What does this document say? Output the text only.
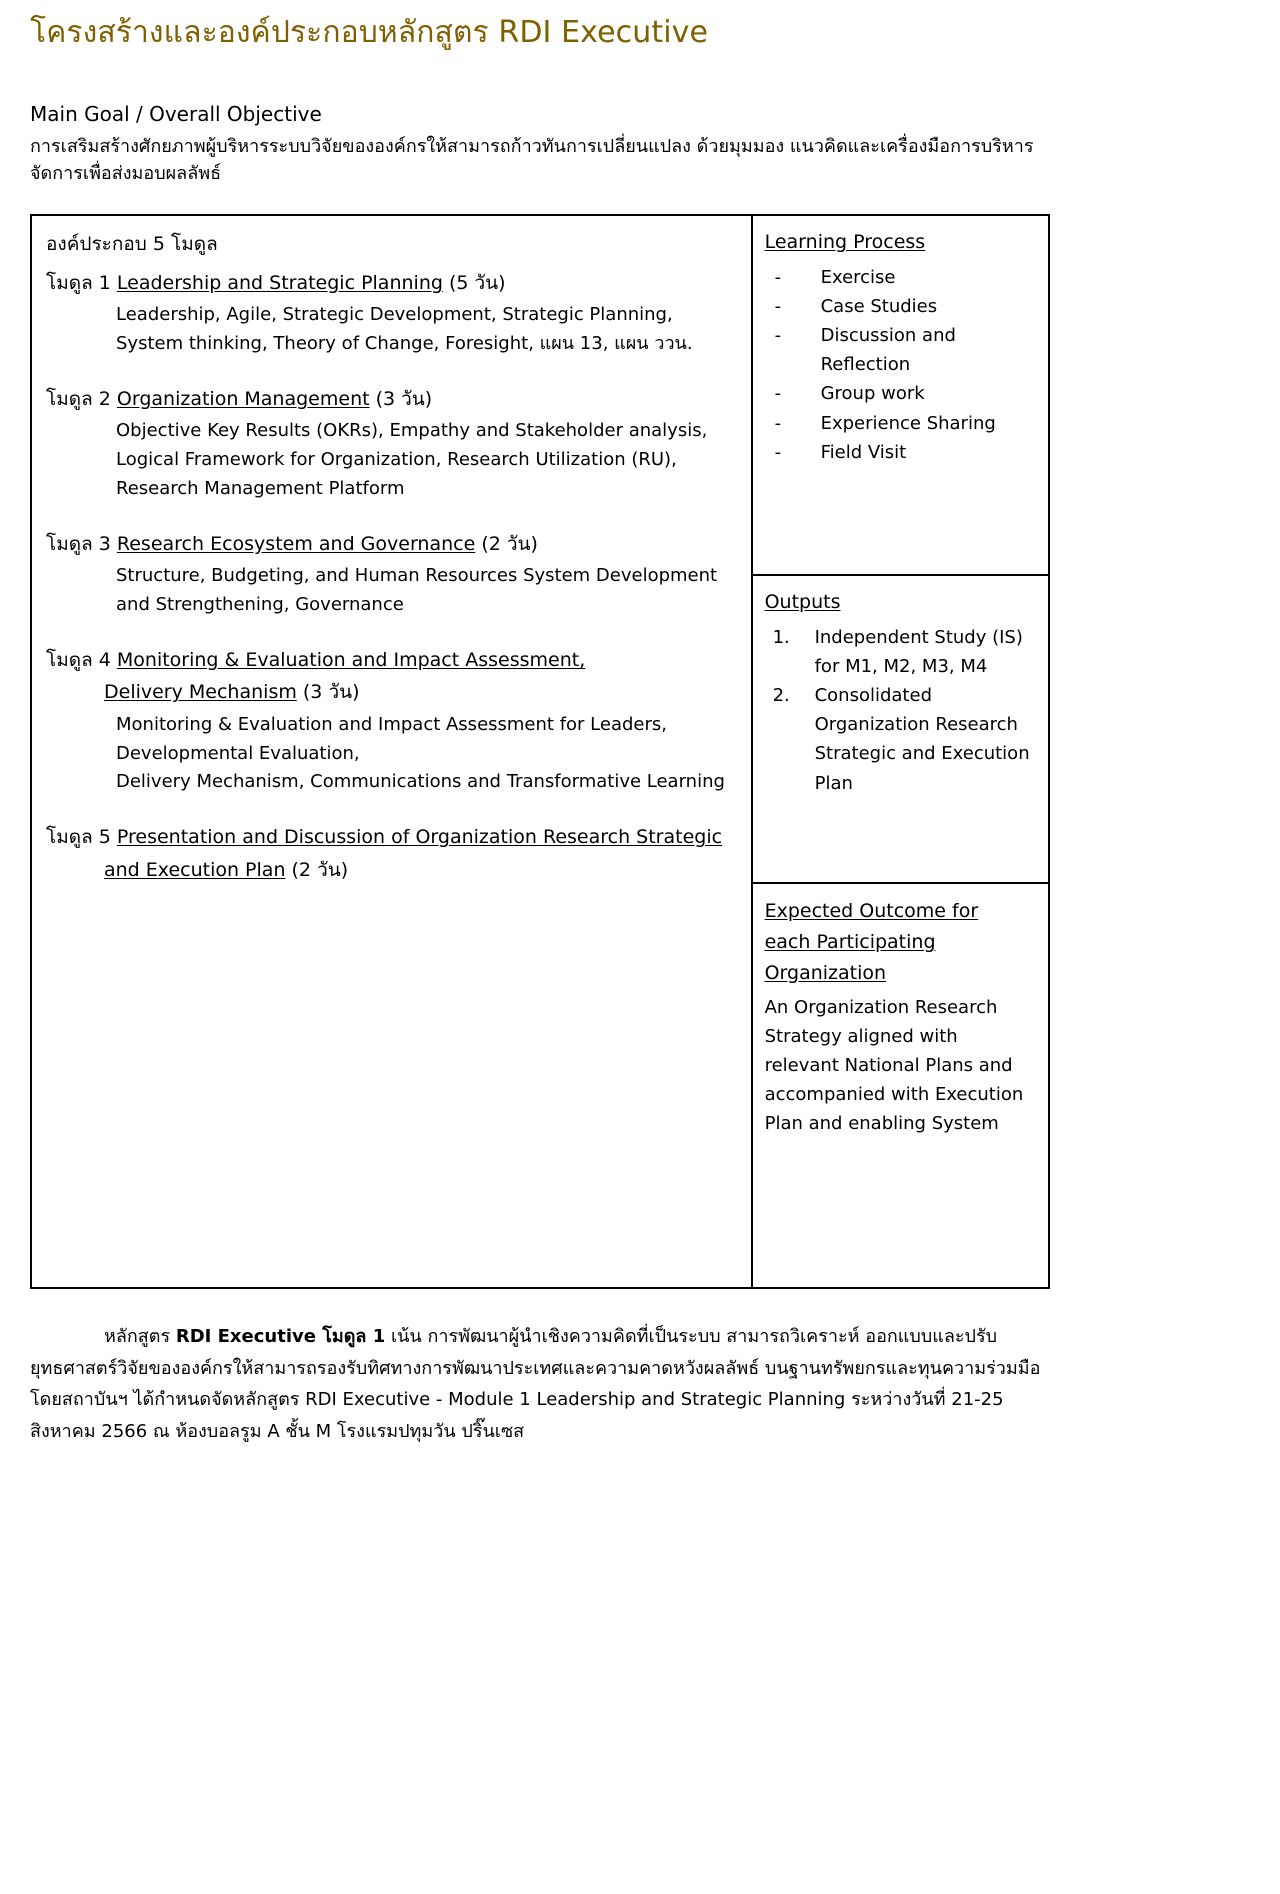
โครงสร้างและองค์ประกอบหลักสูตร RDI Executive
Main Goal / Overall Objective
การเสริมสร้างศักยภาพผู้บริหารระบบวิจัยขององค์กรให้สามารถก้าวทันการเปลี่ยนแปลง ด้วยมุมมอง แนวคิดและเครื่องมือการบริหารจัดการเพื่อส่งมอบผลลัพธ์
องค์ประกอบ 5 โมดูล
โมดูล 1 Leadership and Strategic Planning (5 วัน)
Leadership, Agile, Strategic Development, Strategic Planning,
System thinking, Theory of Change, Foresight, แผน 13, แผน ววน.
โมดูล 2 Organization Management (3 วัน)
Objective Key Results (OKRs), Empathy and Stakeholder analysis,
Logical Framework for Organization, Research Utilization (RU),
Research Management Platform
โมดูล 3 Research Ecosystem and Governance (2 วัน)
Structure, Budgeting, and Human Resources System Development
and Strengthening, Governance
โมดูล 4 Monitoring & Evaluation and Impact Assessment,
Delivery Mechanism (3 วัน)
Monitoring & Evaluation and Impact Assessment for Leaders,
Developmental Evaluation,
Delivery Mechanism, Communications and Transformative Learning
โมดูล 5 Presentation and Discussion of Organization Research Strategic
and Execution Plan (2 วัน)
Learning Process
- Exercise
- Case Studies
- Discussion and Reflection
- Group work
- Experience Sharing
- Field Visit
Outputs
1. Independent Study (IS) for M1, M2, M3, M4
2. Consolidated Organization Research Strategic and Execution Plan
Expected Outcome for
each Participating
Organization
An Organization Research Strategy aligned with relevant National Plans and accompanied with Execution Plan and enabling System
หลักสูตร RDI Executive โมดูล 1 เน้น การพัฒนาผู้นำเชิงความคิดที่เป็นระบบ สามารถวิเคราะห์ ออกแบบและปรับยุทธศาสตร์วิจัยขององค์กรให้สามารถรองรับทิศทางการพัฒนาประเทศและความคาดหวังผลลัพธ์ บนฐานทรัพยกรและทุนความร่วมมือ โดยสถาบันฯ ได้กำหนดจัดหลักสูตร RDI Executive - Module 1 Leadership and Strategic Planning ระหว่างวันที่ 21-25 สิงหาคม 2566 ณ ห้องบอลรูม A ชั้น M โรงแรมปทุมวัน ปริ๊นเซส
